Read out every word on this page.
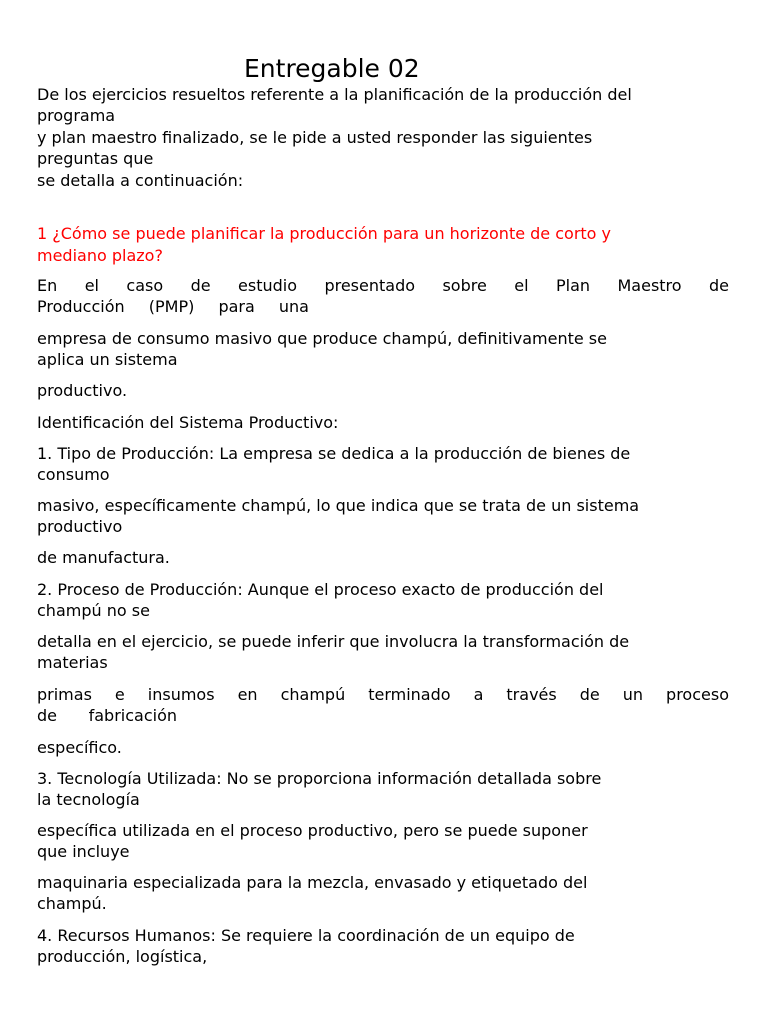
Entregable 02
De los ejercicios resueltos referente a la planificación de la producción del
programa
y plan maestro finalizado, se le pide a usted responder las siguientes
preguntas que
se detalla a continuación:
1 ¿Cómo se puede planificar la producción para un horizonte de corto y
mediano plazo?
En el caso de estudio presentado sobre el Plan Maestro de
Producción (PMP) para una
empresa de consumo masivo que produce champú, definitivamente se
aplica un sistema
productivo.
Identificación del Sistema Productivo:
1. Tipo de Producción: La empresa se dedica a la producción de bienes de
consumo
masivo, específicamente champú, lo que indica que se trata de un sistema
productivo
de manufactura.
2. Proceso de Producción: Aunque el proceso exacto de producción del
champú no se
detalla en el ejercicio, se puede inferir que involucra la transformación de
materias
primas e insumos en champú terminado a través de un proceso
de fabricación
específico.
3. Tecnología Utilizada: No se proporciona información detallada sobre
la tecnología
específica utilizada en el proceso productivo, pero se puede suponer
que incluye
maquinaria especializada para la mezcla, envasado y etiquetado del
champú.
4. Recursos Humanos: Se requiere la coordinación de un equipo de
producción, logística,
